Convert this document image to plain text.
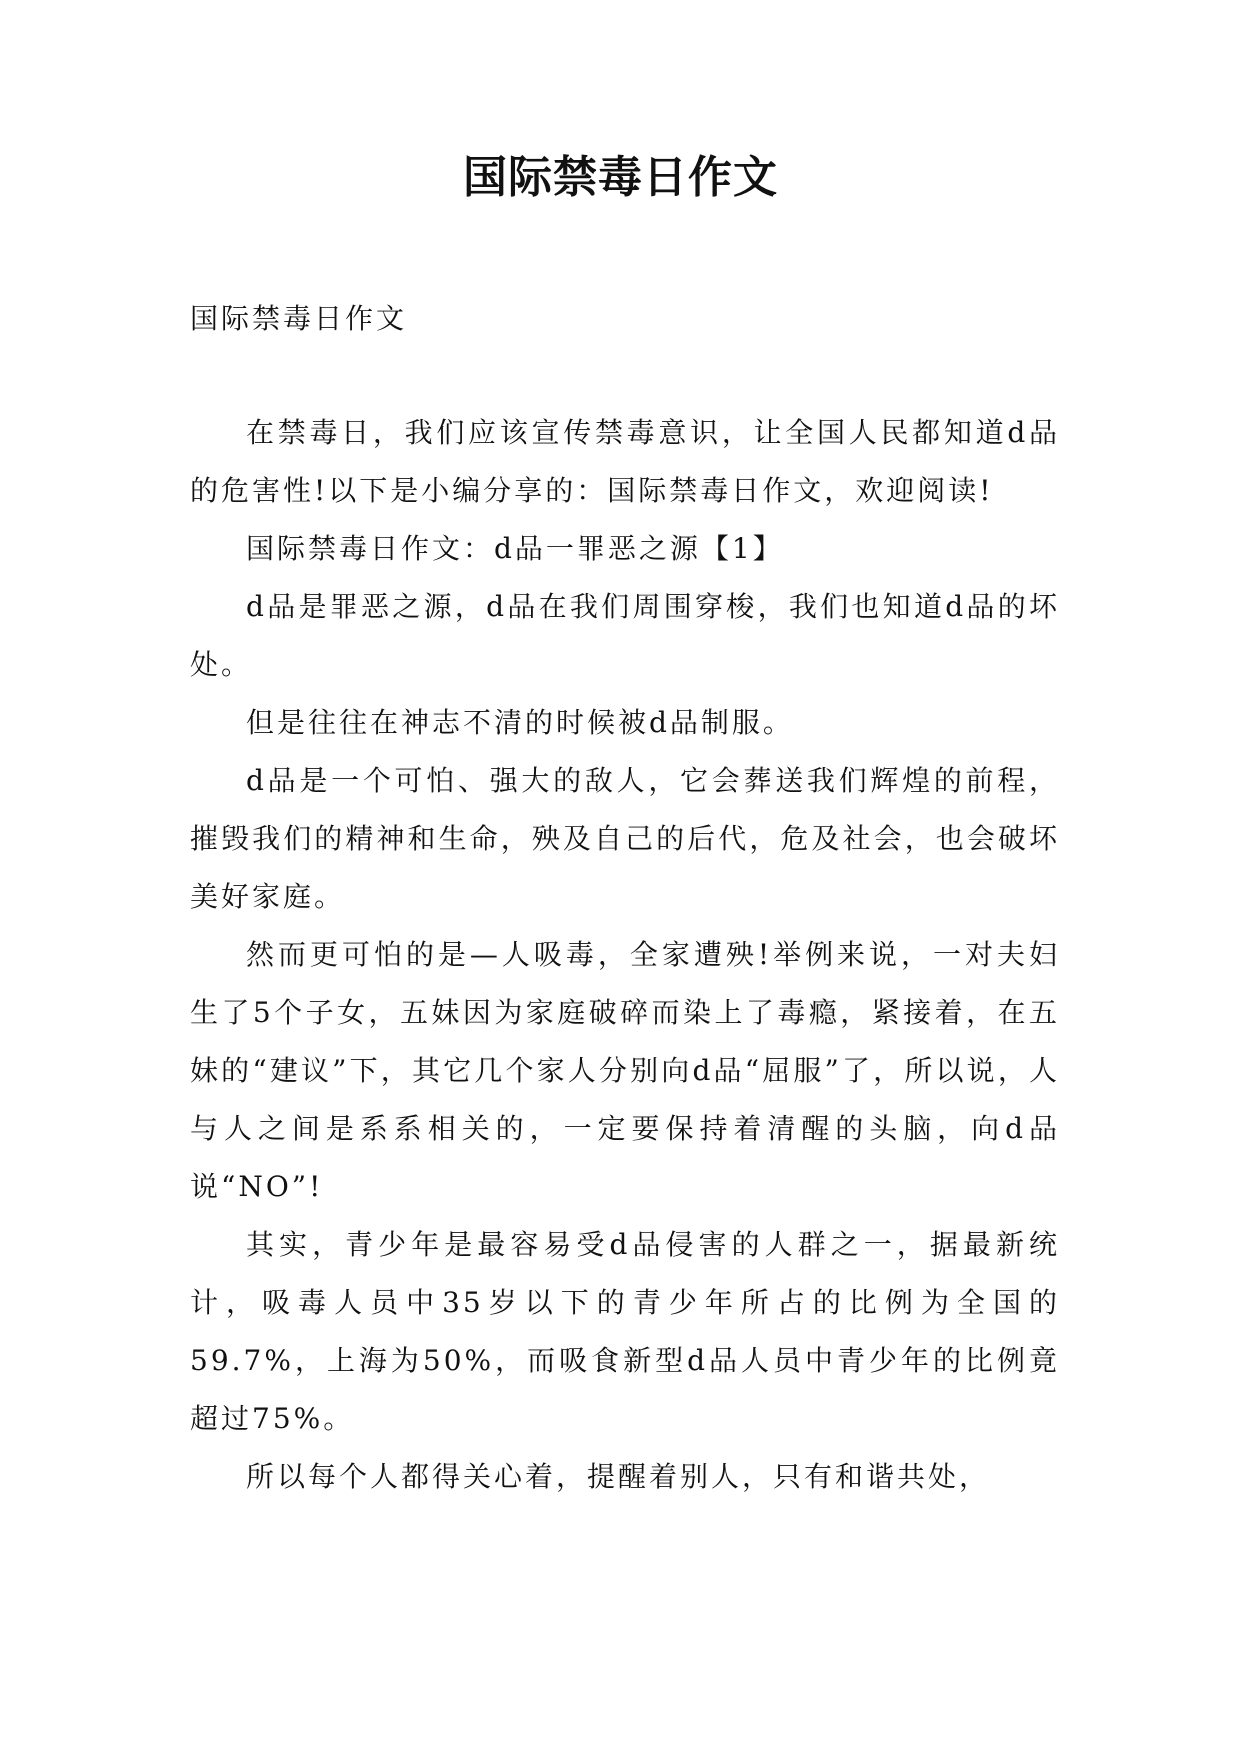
国际禁毒日作文

国际禁毒日作文

在禁毒日，我们应该宣传禁毒意识，让全国人民都知道d品的危害性!以下是小编分享的：国际禁毒日作文，欢迎阅读!

国际禁毒日作文：d品一罪恶之源【1】

d品是罪恶之源，d品在我们周围穿梭，我们也知道d品的坏处。

但是往往在神志不清的时候被d品制服。

d品是一个可怕、强大的敌人，它会葬送我们辉煌的前程，摧毁我们的精神和生命，殃及自己的后代，危及社会，也会破坏美好家庭。

然而更可怕的是—人吸毒，全家遭殃!举例来说，一对夫妇生了5个子女，五妹因为家庭破碎而染上了毒瘾，紧接着，在五妹的“建议”下，其它几个家人分别向d品“屈服”了，所以说，人与人之间是系系相关的，一定要保持着清醒的头脑，向d品说“NO”!

其实，青少年是最容易受d品侵害的人群之一，据最新统计，吸毒人员中35岁以下的青少年所占的比例为全国的59.7%，上海为50%，而吸食新型d品人员中青少年的比例竟超过75%。

所以每个人都得关心着，提醒着别人，只有和谐共处，
